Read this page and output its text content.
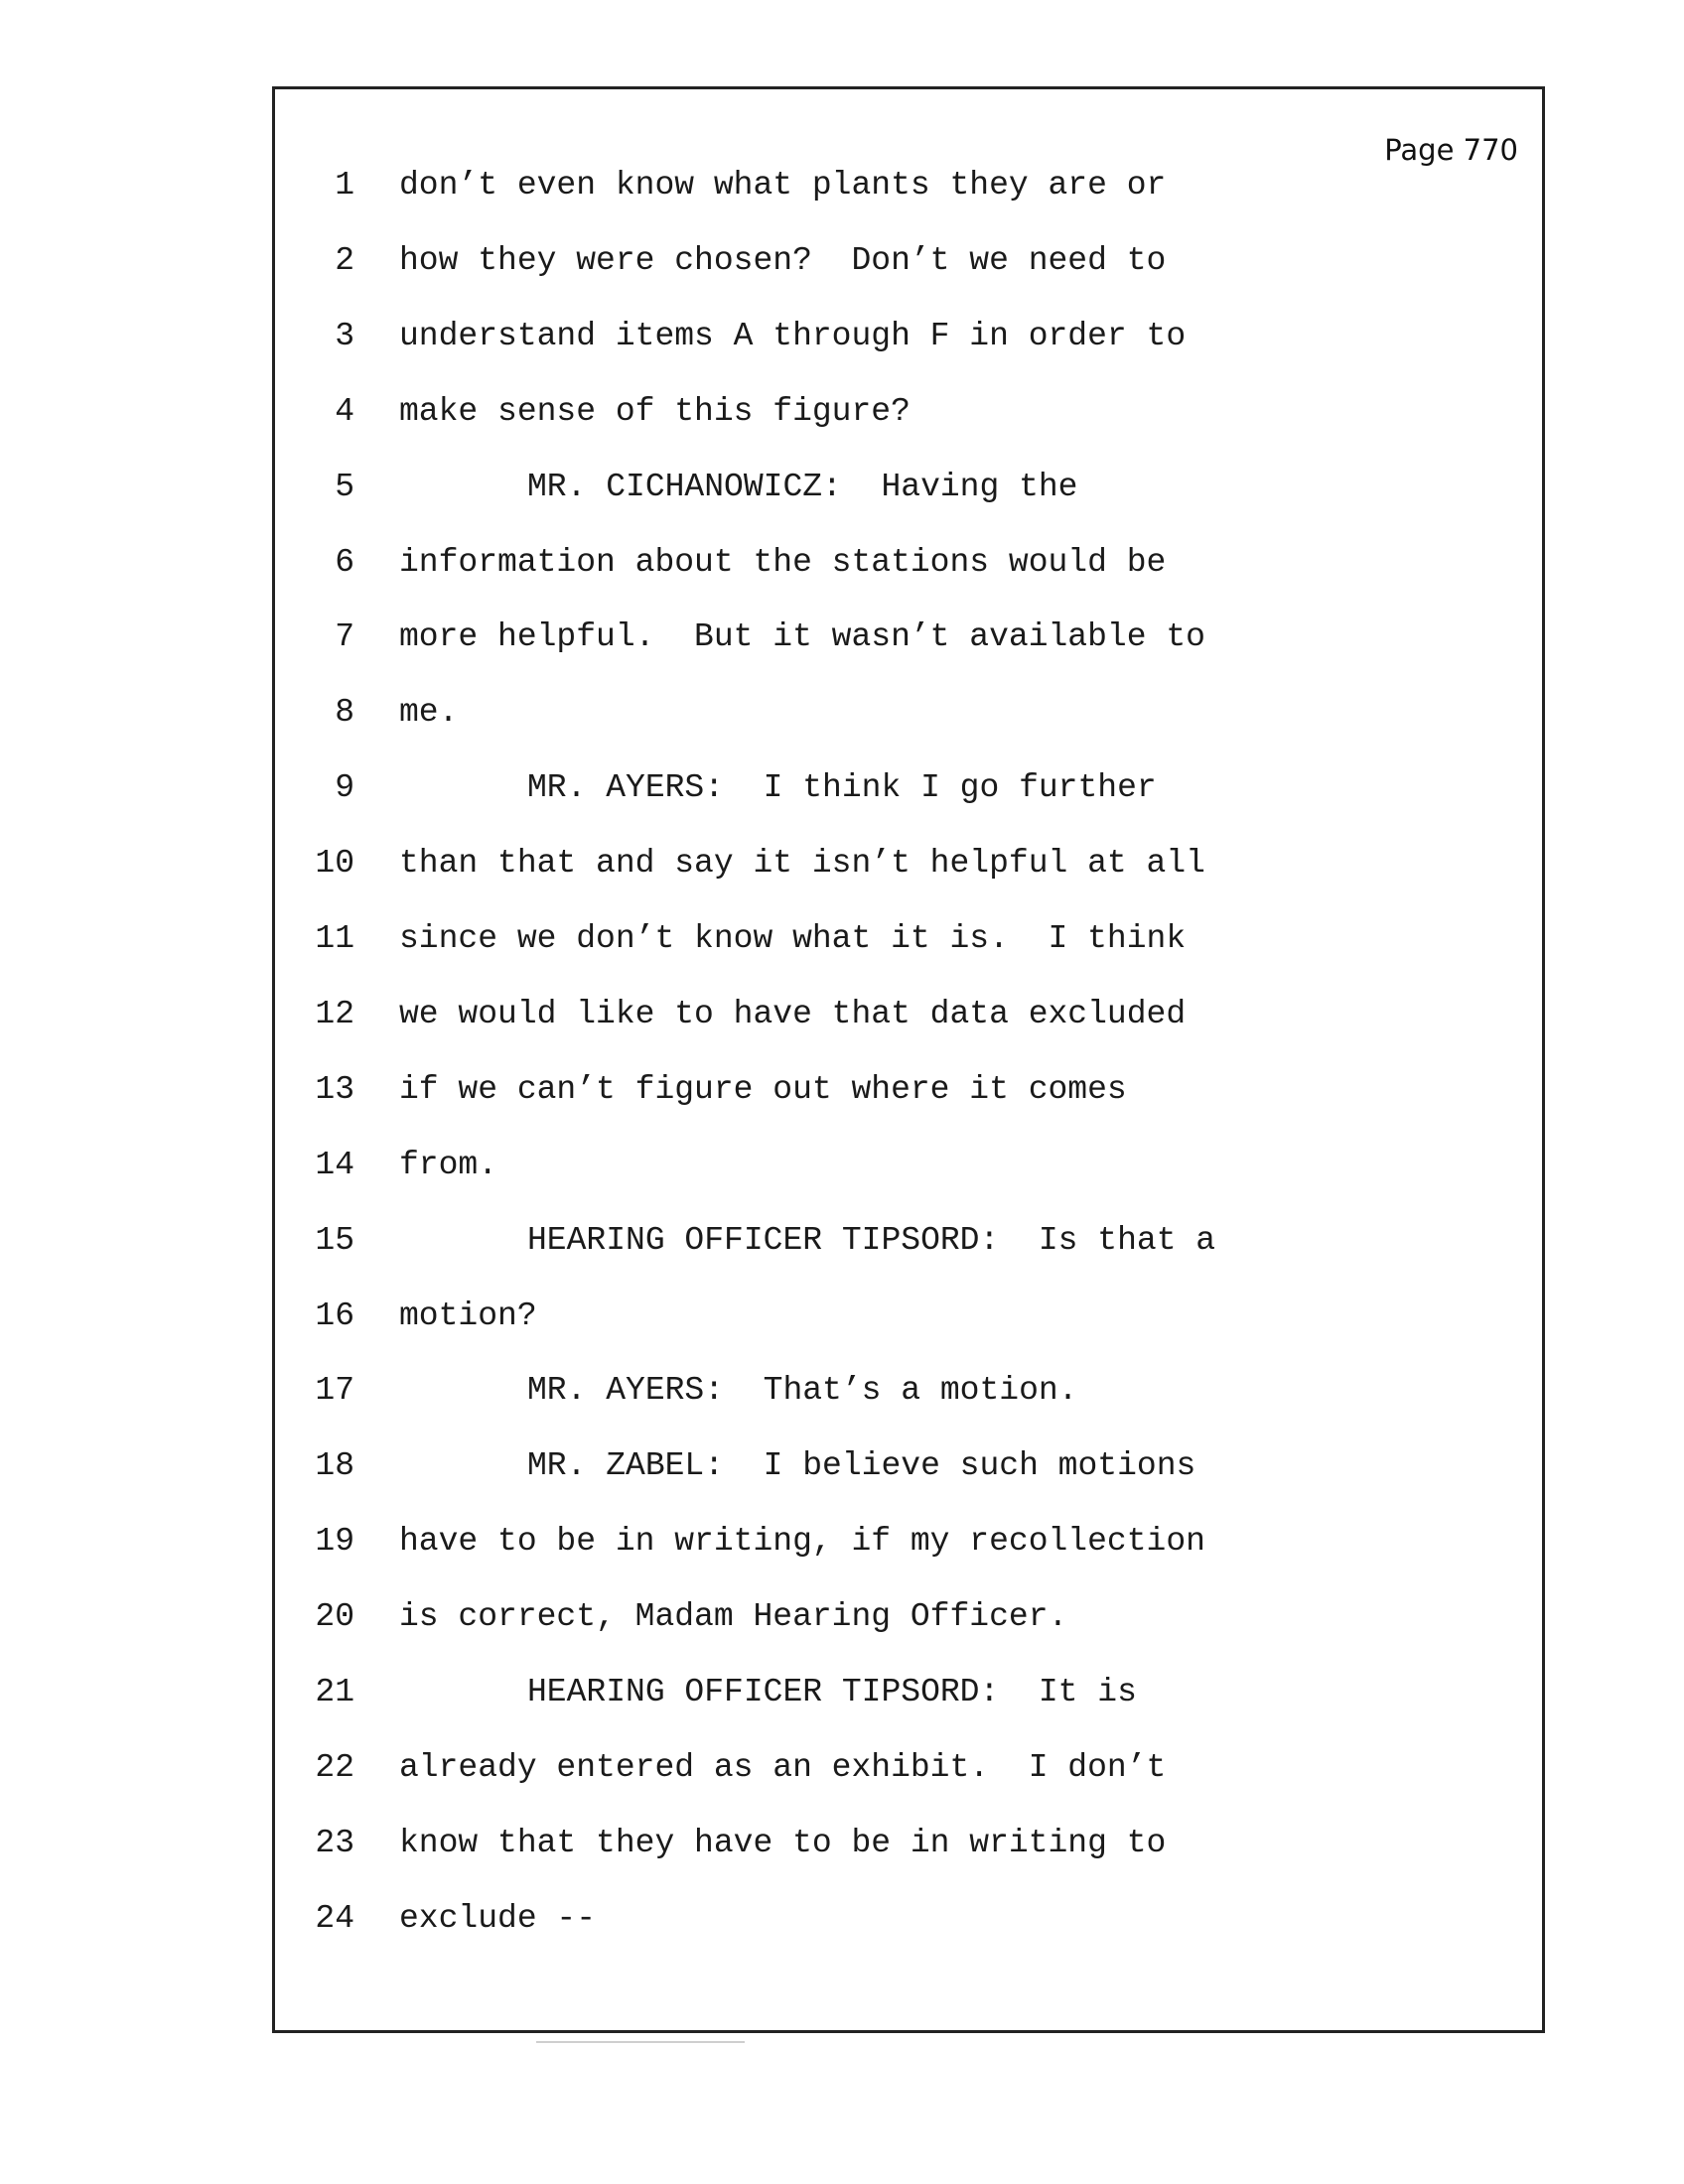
Page 770
1 don’t even know what plants they are or
2 how they were chosen?  Don’t we need to
3 understand items A through F in order to
4 make sense of this figure?
5	MR. CICHANOWICZ:  Having the
6 information about the stations would be
7 more helpful.  But it wasn’t available to
8 me.
9	MR. AYERS:  I think I go further
10 than that and say it isn’t helpful at all
11 since we don’t know what it is.  I think
12 we would like to have that data excluded
13 if we can’t figure out where it comes
14 from.
15	HEARING OFFICER TIPSORD:  Is that a
16 motion?
17	MR. AYERS:  That’s a motion.
18	MR. ZABEL:  I believe such motions
19 have to be in writing, if my recollection
20 is correct, Madam Hearing Officer.
21	HEARING OFFICER TIPSORD:  It is
22 already entered as an exhibit.  I don’t
23 know that they have to be in writing to
24 exclude --
